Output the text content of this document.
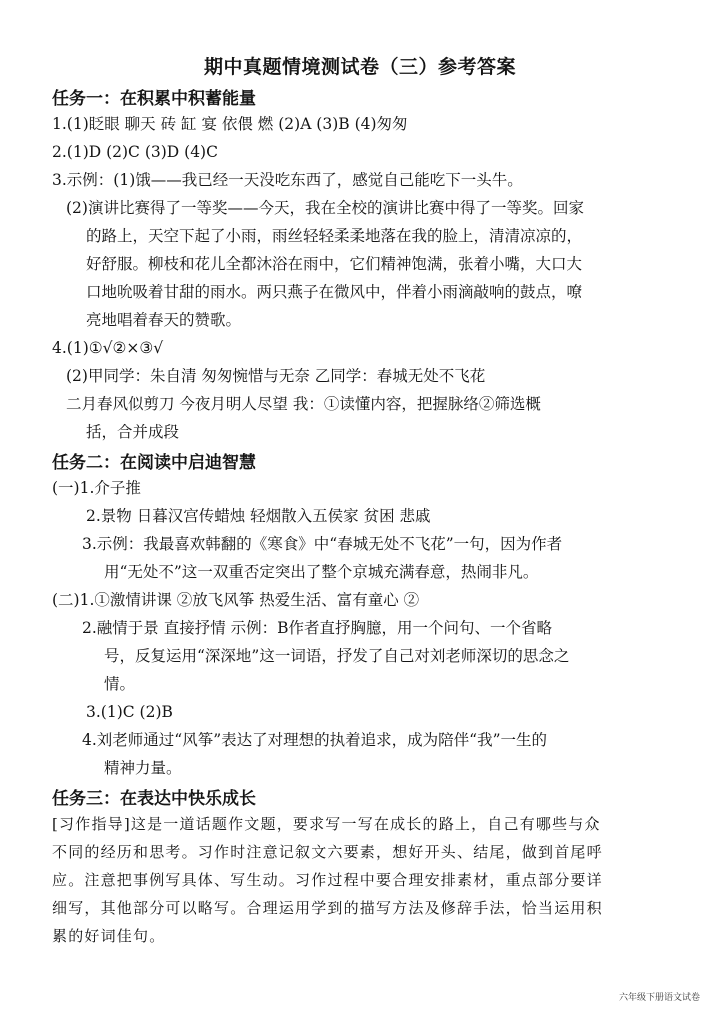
期中真题情境测试卷（三）参考答案
任务一：在积累中积蓄能量
1.(1)眨眼 聊天 砖 缸 宴 依偎 燃 (2)A (3)B (4)匆匆
2.(1)D (2)C (3)D (4)C
3.示例：(1)饿——我已经一天没吃东西了，感觉自己能吃下一头牛。
(2)演讲比赛得了一等奖——今天，我在全校的演讲比赛中得了一等奖。回家
的路上，天空下起了小雨，雨丝轻轻柔柔地落在我的脸上，清清凉凉的，
好舒服。柳枝和花儿全都沐浴在雨中，它们精神饱满，张着小嘴，大口大
口地吮吸着甘甜的雨水。两只燕子在微风中，伴着小雨滴敲响的鼓点，嘹
亮地唱着春天的赞歌。
4.(1)①√②×③√
(2)甲同学：朱自清 匆匆惋惜与无奈 乙同学：春城无处不飞花
二月春风似剪刀 今夜月明人尽望 我：①读懂内容，把握脉络②筛选概
括，合并成段
任务二：在阅读中启迪智慧
(一)1.介子推
2.景物 日暮汉宫传蜡烛 轻烟散入五侯家 贫困 悲戚
3.示例：我最喜欢韩翻的《寒食》中“春城无处不飞花”一句，因为作者
用“无处不”这一双重否定突出了整个京城充满春意，热闹非凡。
(二)1.①激情讲课 ②放飞风筝 热爱生活、富有童心 ②
2.融情于景 直接抒情 示例：B作者直抒胸臆，用一个问句、一个省略
号，反复运用“深深地”这一词语，抒发了自己对刘老师深切的思念之
情。
3.(1)C (2)B
4.刘老师通过“风筝”表达了对理想的执着追求，成为陪伴“我”一生的
精神力量。
任务三：在表达中快乐成长
[习作指导]这是一道话题作文题，要求写一写在成长的路上，自己有哪些与众
不同的经历和思考。习作时注意记叙文六要素，想好开头、结尾，做到首尾呼
应。注意把事例写具体、写生动。习作过程中要合理安排素材，重点部分要详
细写，其他部分可以略写。合理运用学到的描写方法及修辞手法，恰当运用积
累的好词佳句。
六年级下册语文试卷
